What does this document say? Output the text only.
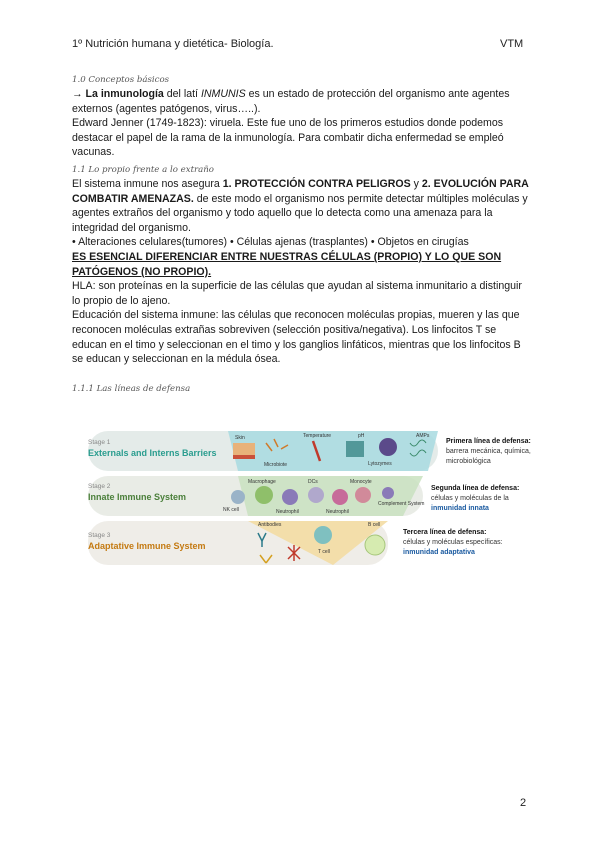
1º Nutrición humana y dietética- Biología.	VTM
1.0 Conceptos básicos

→ La inmunología del latí INMUNIS es un estado de protección del organismo ante agentes externos (agentes patógenos, virus…..).

Edward Jenner (1749-1823): viruela. Este fue uno de los primeros estudios donde podemos destacar el papel de la rama de la inmunología. Para combatir dicha enfermedad se empleó vacunas.

1.1 Lo propio frente a lo extraño

El sistema inmune nos asegura 1. PROTECCIÓN CONTRA PELIGROS y 2. EVOLUCIÓN PARA COMBATIR AMENAZAS. de este modo el organismo nos permite detectar múltiples moléculas y agentes extraños del organismo y todo aquello que lo detecta como una amenaza para la integridad del organismo.

• Alteraciones celulares(tumores) • Células ajenas (trasplantes) • Objetos en cirugías

ES ESENCIAL DIFERENCIAR ENTRE NUESTRAS CÉLULAS (PROPIO) Y LO QUE SON PATÓGENOS (NO PROPIO).

HLA: son proteínas en la superficie de las células que ayudan al sistema inmunitario a distinguir lo propio de lo ajeno.

Educación del sistema inmune: las células que reconocen moléculas propias, mueren y las que reconocen moléculas extrañas sobreviven (selección positiva/negativa). Los linfocitos T se educan en el timo y seleccionan en el timo y los ganglios linfáticos, mientras que los linfocitos B se educan y seleccionan en la médula ósea.

1.1.1 Las líneas de defensa
Stage 1
Externals and Interns Barriers
Stage 2
Innate Immune System
Stage 3
Adaptative Immune System
Skin
Microbiote
Temperature	pH
Lytozymes
AMPs
Macrophage
NK cell	Neutrophil
DCs
Neutrophil
Monocyte
Complement System
Antibodies
T cell
B cell
Primera línea de defensa:
barrera mecánica, química,
microbiológica
Segunda línea de defensa:
células y moléculas de la
inmunidad innata
Tercera línea de defensa:
células y moléculas específicas:
inmunidad adaptativa
2
